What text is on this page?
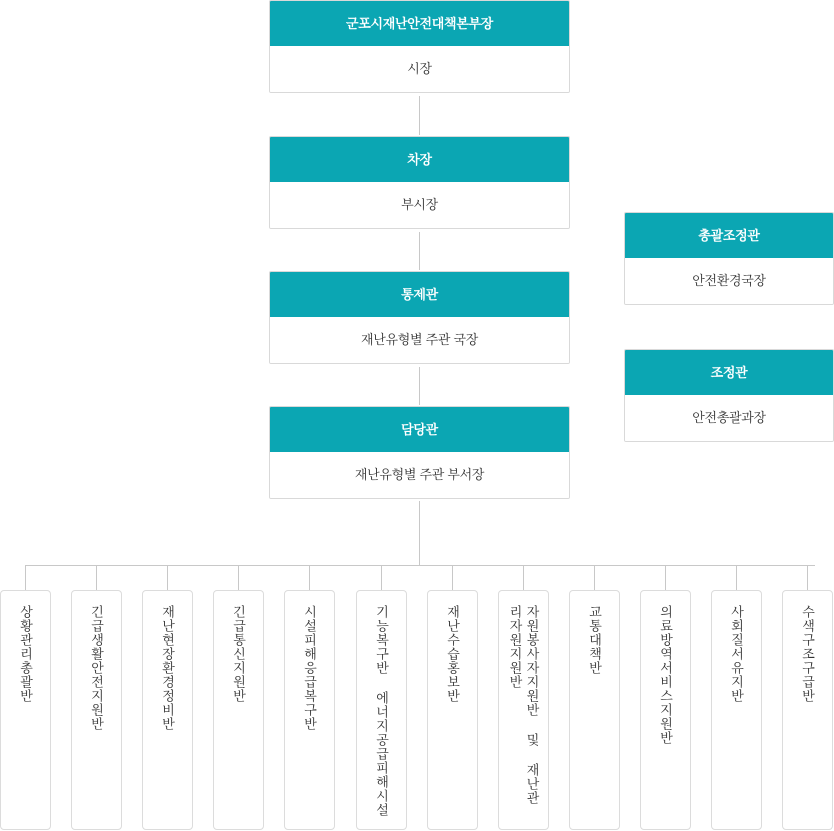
군포시재난안전대책본부장
시장
차장
부시장
통제관
재난유형별 주관 국장
담당관
재난유형별 주관 부서장
총괄조정관
안전환경국장
조정관
안전총괄과장
상황관리총괄반	긴급생활안전지원반	재난현장환경정비반	긴급통신지원반	시설피해응급복구반	기능복구반 에너지공급피해시설	재난수습홍보반	자원봉사자지원반 및 재난관리자원지원반	교통대책반	의료방역서비스지원반	사회질서유지반	수색구조구급반
